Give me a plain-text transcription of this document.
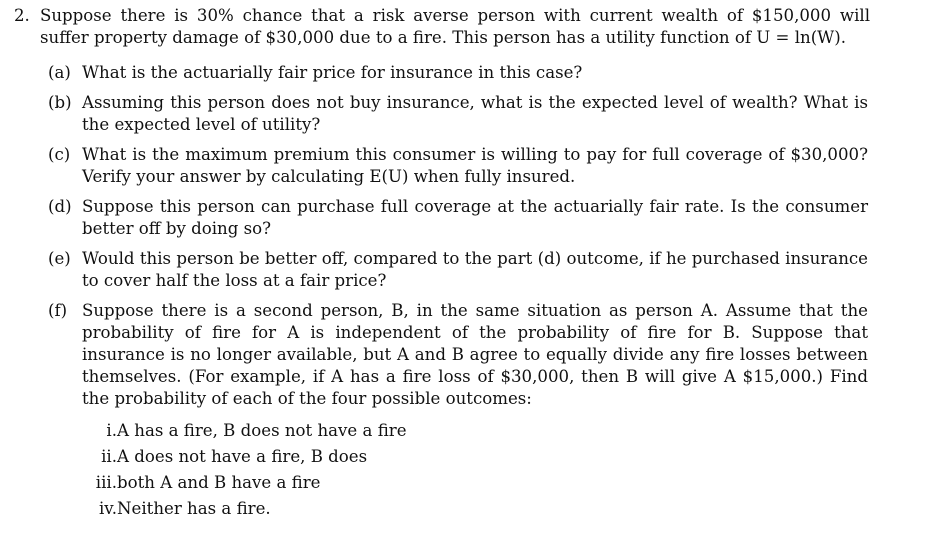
2. Suppose there is 30% chance that a risk averse person with current wealth of $150,000 will suffer property damage of $30,000 due to a fire. This person has a utility function of U = ln(W).
(a) What is the actuarially fair price for insurance in this case?
(b) Assuming this person does not buy insurance, what is the expected level of wealth? What is the expected level of utility?
(c) What is the maximum premium this consumer is willing to pay for full coverage of $30,000? Verify your answer by calculating E(U) when fully insured.
(d) Suppose this person can purchase full coverage at the actuarially fair rate. Is the consumer better off by doing so?
(e) Would this person be better off, compared to the part (d) outcome, if he purchased insurance to cover half the loss at a fair price?
(f) Suppose there is a second person, B, in the same situation as person A. Assume that the probability of fire for A is independent of the probability of fire for B. Suppose that insurance is no longer available, but A and B agree to equally divide any fire losses between themselves. (For example, if A has a fire loss of $30,000, then B will give A $15,000.) Find the probability of each of the four possible outcomes:
i. A has a fire, B does not have a fire
ii. A does not have a fire, B does
iii. both A and B have a fire
iv. Neither has a fire.
